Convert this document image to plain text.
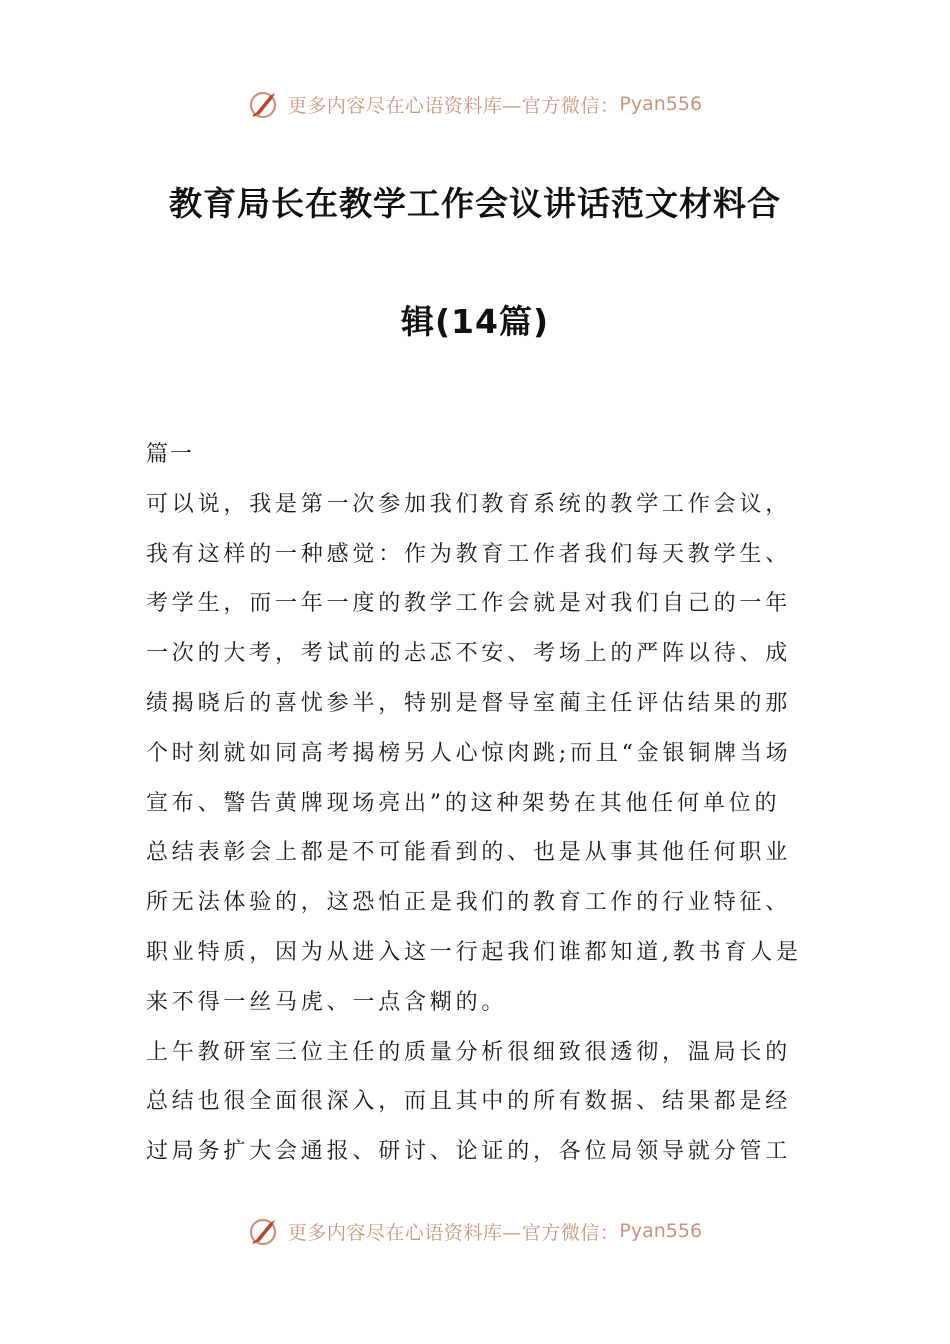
更多内容尽在心语资料库—官方微信： Pyan556
教育局长在教学工作会议讲话范文材料合
辑(14篇)
篇一
可以说，我是第一次参加我们教育系统的教学工作会议，
我有这样的一种感觉：作为教育工作者我们每天教学生、
考学生，而一年一度的教学工作会就是对我们自己的一年
一次的大考，考试前的忐忑不安、考场上的严阵以待、成
绩揭晓后的喜忧参半，特别是督导室蔺主任评估结果的那
个时刻就如同高考揭榜另人心惊肉跳;而且“金银铜牌当场
宣布、警告黄牌现场亮出”的这种架势在其他任何单位的
总结表彰会上都是不可能看到的、也是从事其他任何职业
所无法体验的，这恐怕正是我们的教育工作的行业特征、
职业特质，因为从进入这一行起我们谁都知道,教书育人是
来不得一丝马虎、一点含糊的。
上午教研室三位主任的质量分析很细致很透彻，温局长的
总结也很全面很深入，而且其中的所有数据、结果都是经
过局务扩大会通报、研讨、论证的，各位局领导就分管工
更多内容尽在心语资料库—官方微信： Pyan556
